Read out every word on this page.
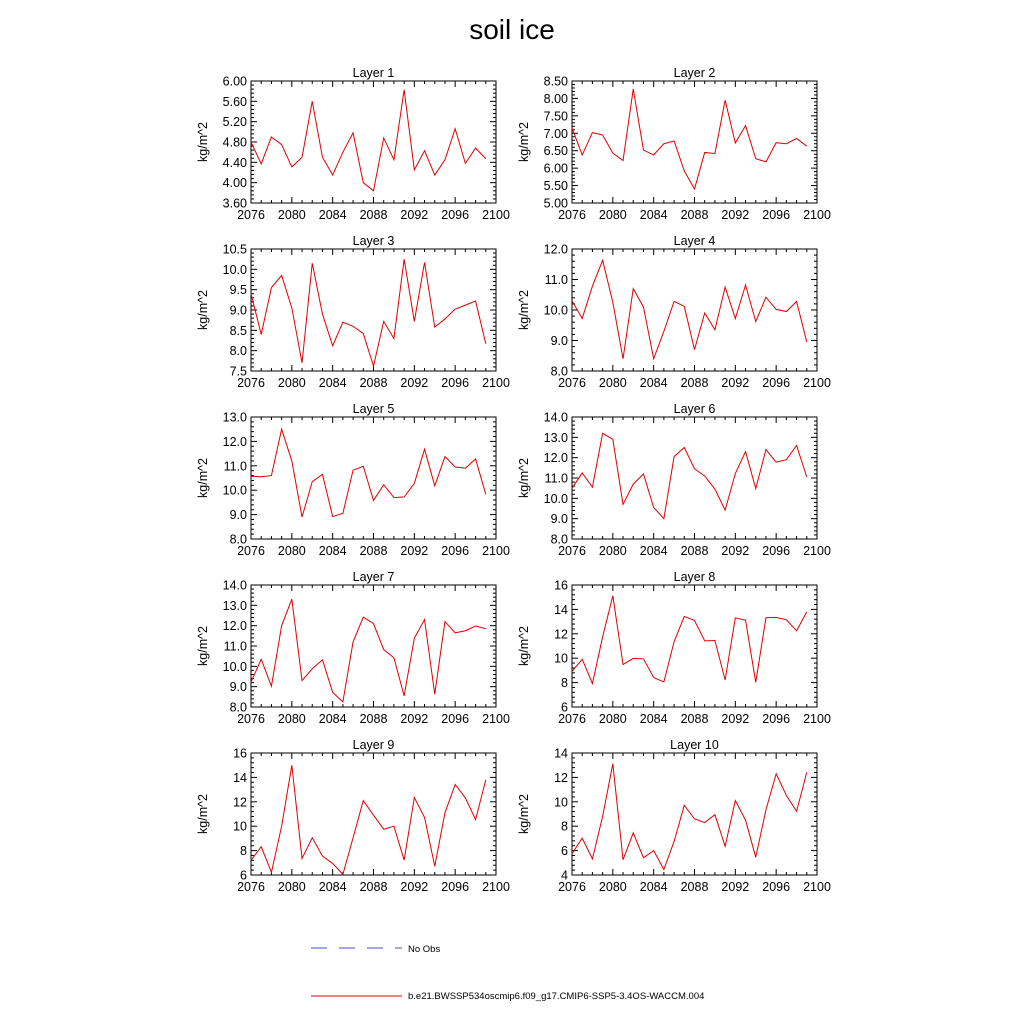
soil ice
2076 2080 2084 2088 2092 2096 2100
3.60
4.00
4.40
4.80
5.20
5.60
6.00
Layer 1
kg/m^2
2076 2080 2084 2088 2092 2096 2100
5.00
5.50
6.00
6.50
7.00
7.50
8.00
8.50
Layer 2
kg/m^2
2076 2080 2084 2088 2092 2096 2100
7.5
8.0
8.5
9.0
9.5
10.0
10.5
Layer 3
kg/m^2
2076 2080 2084 2088 2092 2096 2100
8.0
9.0
10.0
11.0
12.0
Layer 4
kg/m^2
2076 2080 2084 2088 2092 2096 2100
8.0
9.0
10.0
11.0
12.0
13.0
Layer 5
kg/m^2
2076 2080 2084 2088 2092 2096 2100
8.0
9.0
10.0
11.0
12.0
13.0
14.0
Layer 6
kg/m^2
2076 2080 2084 2088 2092 2096 2100
8.0
9.0
10.0
11.0
12.0
13.0
14.0
Layer 7
kg/m^2
2076 2080 2084 2088 2092 2096 2100
6
8
10
12
14
16
Layer 8
kg/m^2
2076 2080 2084 2088 2092 2096 2100
6
8
10
12
14
16
Layer 9
kg/m^2
2076 2080 2084 2088 2092 2096 2100
4
6
8
10
12
14
Layer 10
kg/m^2
No Obs
b.e21.BWSSP534oscmip6.f09_g17.CMIP6-SSP5-3.4OS-WACCM.004
